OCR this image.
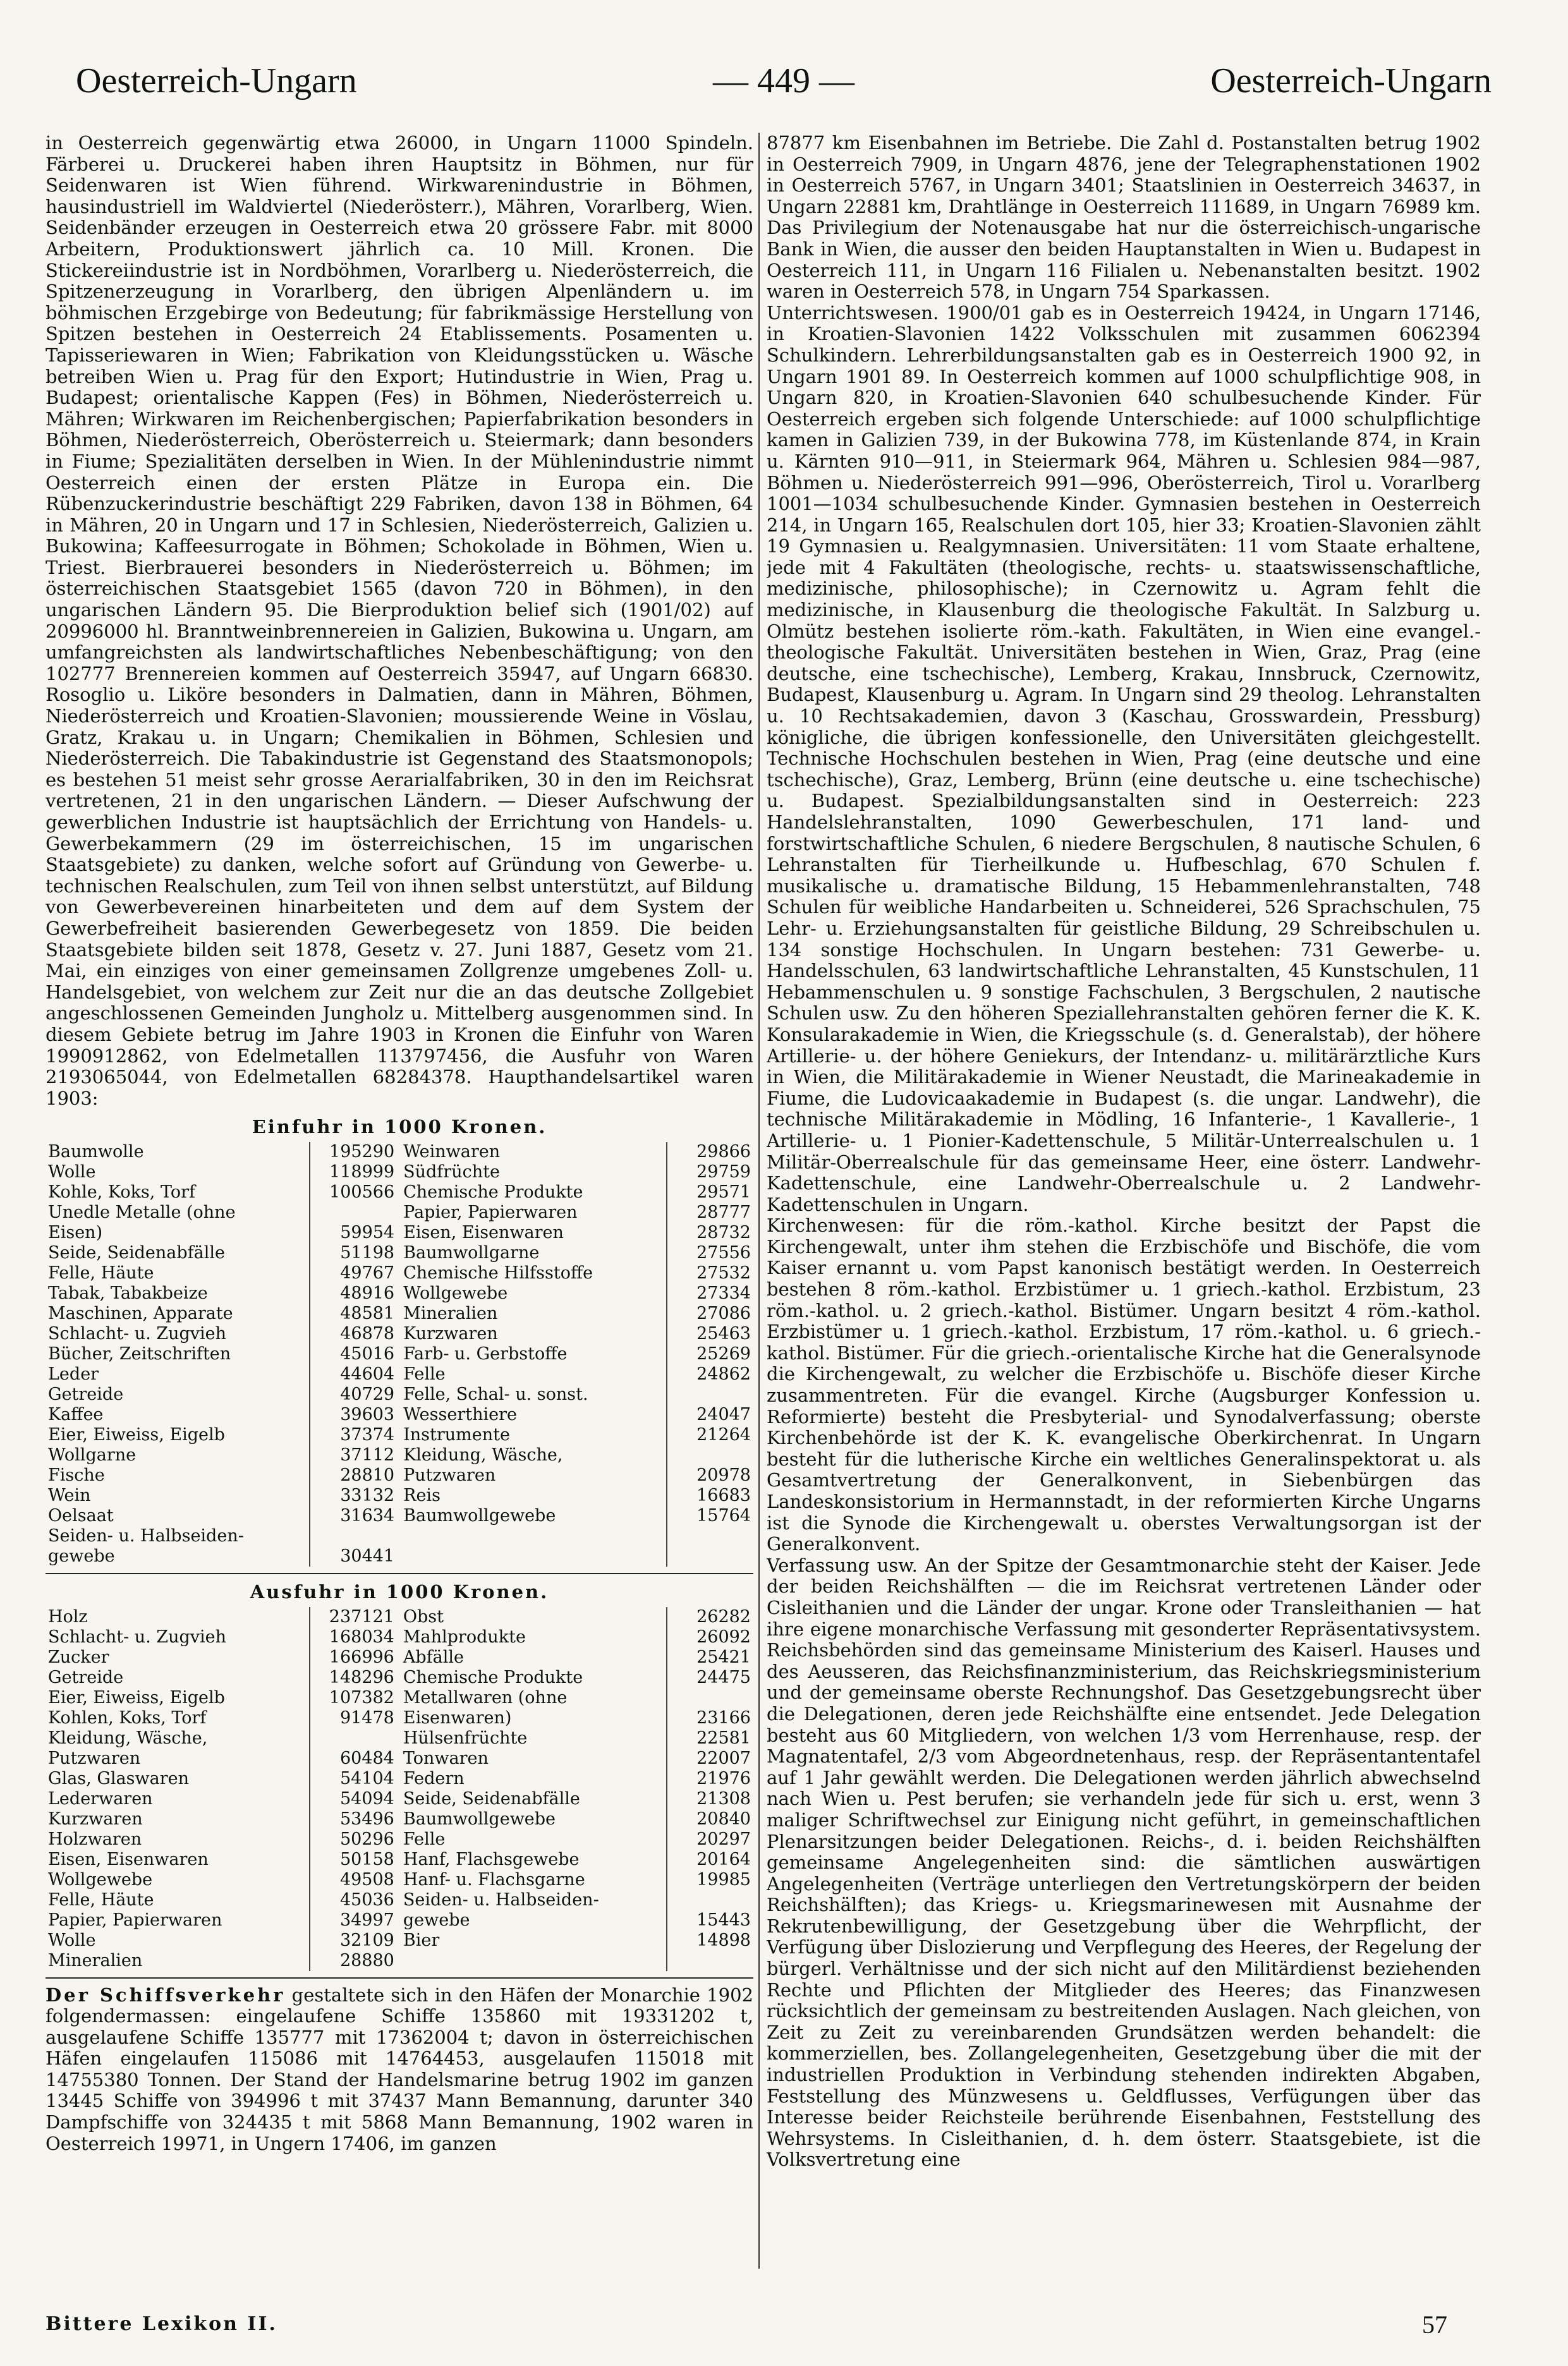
Oesterreich-Ungarn	— 449 —	Oesterreich-Ungarn

in Oesterreich gegenwärtig etwa 26000, in Ungarn 11000 Spindeln. Färberei u. Druckerei haben ihren Hauptsitz in Böhmen, nur für Seidenwaren ist Wien führend. Wirkwarenindustrie in Böhmen, hausindustriell im Waldviertel (Niederösterr.), Mähren, Vorarlberg, Wien. Seidenbänder erzeugen in Oesterreich etwa 20 grössere Fabr. mit 8000 Arbeitern, Produktionswert jährlich ca. 10 Mill. Kronen. Die Stickereiindustrie ist in Nordböhmen, Vorarlberg u. Niederösterreich, die Spitzenerzeugung in Vorarlberg, den übrigen Alpenländern u. im böhmischen Erzgebirge von Bedeutung; für fabrikmässige Herstellung von Spitzen bestehen in Oesterreich 24 Etablissements. Posamenten u. Tapisseriewaren in Wien; Fabrikation von Kleidungsstücken u. Wäsche betreiben Wien u. Prag für den Export; Hutindustrie in Wien, Prag u. Budapest; orientalische Kappen (Fes) in Böhmen, Niederösterreich u. Mähren; Wirkwaren im Reichenbergischen; Papierfabrikation besonders in Böhmen, Niederösterreich, Oberösterreich u. Steiermark; dann besonders in Fiume; Spezialitäten derselben in Wien. In der Mühlenindustrie nimmt Oesterreich einen der ersten Plätze in Europa ein. Die Rübenzuckerindustrie beschäftigt 229 Fabriken, davon 138 in Böhmen, 64 in Mähren, 20 in Ungarn und 17 in Schlesien, Niederösterreich, Galizien u. Bukowina; Kaffeesurrogate in Böhmen; Schokolade in Böhmen, Wien u. Triest. Bierbrauerei besonders in Niederösterreich u. Böhmen; im österreichischen Staatsgebiet 1565 (davon 720 in Böhmen), in den ungarischen Ländern 95. Die Bierproduktion belief sich (1901/02) auf 20996000 hl. Branntweinbrennereien in Galizien, Bukowina u. Ungarn, am umfangreichsten als landwirtschaftliches Nebenbeschäftigung; von den 102777 Brennereien kommen auf Oesterreich 35947, auf Ungarn 66830. Rosoglio u. Liköre besonders in Dalmatien, dann in Mähren, Böhmen, Niederösterreich und Kroatien-Slavonien; moussierende Weine in Vöslau, Gratz, Krakau u. in Ungarn; Chemikalien in Böhmen, Schlesien und Niederösterreich. Die Tabakindustrie ist Gegenstand des Staatsmonopols; es bestehen 51 meist sehr grosse Aerarialfabriken, 30 in den im Reichsrat vertretenen, 21 in den ungarischen Ländern. — Dieser Aufschwung der gewerblichen Industrie ist hauptsächlich der Errichtung von Handels- u. Gewerbekammern (29 im österreichischen, 15 im ungarischen Staatsgebiete) zu danken, welche sofort auf Gründung von Gewerbe- u. technischen Realschulen, zum Teil von ihnen selbst unterstützt, auf Bildung von Gewerbevereinen hinarbeiteten und dem auf dem System der Gewerbefreiheit basierenden Gewerbegesetz von 1859. Die beiden Staatsgebiete bilden seit 1878, Gesetz v. 27. Juni 1887, Gesetz vom 21. Mai, ein einziges von einer gemeinsamen Zollgrenze umgebenes Zoll- u. Handelsgebiet, von welchem zur Zeit nur die an das deutsche Zollgebiet angeschlossenen Gemeinden Jungholz u. Mittelberg ausgenommen sind. In diesem Gebiete betrug im Jahre 1903 in Kronen die Einfuhr von Waren 1990912862, von Edelmetallen 113797456, die Ausfuhr von Waren 2193065044, von Edelmetallen 68284378. Haupthandelsartikel waren 1903:

Einfuhr in 1000 Kronen.
Baumwolle	195290	Weinwaren	29866
Wolle	118999	Südfrüchte	29759
Kohle, Koks, Torf	100566	Chemische Produkte	29571
Unedle Metalle (ohne		Papier, Papierwaren	28777
Eisen)	59954	Eisen, Eisenwaren	28732
Seide, Seidenabfälle	51198	Baumwollgarne	27556
Felle, Häute	49767	Chemische Hilfsstoffe	27532
Tabak, Tabakbeize	48916	Wollgewebe	27334
Maschinen, Apparate	48581	Mineralien	27086
Schlacht- u. Zugvieh	46878	Kurzwaren	25463
Bücher, Zeitschriften	45016	Farb- u. Gerbstoffe	25269
Leder	44604	Felle	24862
Getreide	40729	Felle, Schal- u. sonst.	
Kaffee	39603	Wesserthiere	24047
Eier, Eiweiss, Eigelb	37374	Instrumente	21264
Wollgarne	37112	Kleidung, Wäsche,	
Fische	28810	Putzwaren	20978
Wein	33132	Reis	16683
Oelsaat	31634	Baumwollgewebe	15764
Seiden- u. Halbseiden-			
gewebe	30441		
Ausfuhr in 1000 Kronen.
Holz	237121	Obst	26282
Schlacht- u. Zugvieh	168034	Mahlprodukte	26092
Zucker	166996	Abfälle	25421
Getreide	148296	Chemische Produkte	24475
Eier, Eiweiss, Eigelb	107382	Metallwaren (ohne	
Kohlen, Koks, Torf	91478	Eisenwaren)	23166
Kleidung, Wäsche,		Hülsenfrüchte	22581
Putzwaren	60484	Tonwaren	22007
Glas, Glaswaren	54104	Federn	21976
Lederwaren	54094	Seide, Seidenabfälle	21308
Kurzwaren	53496	Baumwollgewebe	20840
Holzwaren	50296	Felle	20297
Eisen, Eisenwaren	50158	Hanf, Flachsgewebe	20164
Wollgewebe	49508	Hanf- u. Flachsgarne	19985
Felle, Häute	45036	Seiden- u. Halbseiden-	
Papier, Papierwaren	34997	gewebe	15443
Wolle	32109	Bier	14898
Mineralien	28880		

Der Schiffsverkehr gestaltete sich in den Häfen der Monarchie 1902 folgendermassen: eingelaufene Schiffe 135860 mit 19331202 t, ausgelaufene Schiffe 135777 mit 17362004 t; davon in österreichischen Häfen eingelaufen 115086 mit 14764453, ausgelaufen 115018 mit 14755380 Tonnen. Der Stand der Handelsmarine betrug 1902 im ganzen 13445 Schiffe von 394996 t mit 37437 Mann Bemannung, darunter 340 Dampfschiffe von 324435 t mit 5868 Mann Bemannung, 1902 waren in Oesterreich 19971, in Ungern 17406, im ganzen

87877 km Eisenbahnen im Betriebe. Die Zahl d. Postanstalten betrug 1902 in Oesterreich 7909, in Ungarn 4876, jene der Telegraphenstationen 1902 in Oesterreich 5767, in Ungarn 3401; Staatslinien in Oesterreich 34637, in Ungarn 22881 km, Drahtlänge in Oesterreich 111689, in Ungarn 76989 km. Das Privilegium der Notenausgabe hat nur die österreichisch-ungarische Bank in Wien, die ausser den beiden Hauptanstalten in Wien u. Budapest in Oesterreich 111, in Ungarn 116 Filialen u. Nebenanstalten besitzt. 1902 waren in Oesterreich 578, in Ungarn 754 Sparkassen.

Unterrichtswesen. 1900/01 gab es in Oesterreich 19424, in Ungarn 17146, in Kroatien-Slavonien 1422 Volksschulen mit zusammen 6062394 Schulkindern. Lehrerbildungsanstalten gab es in Oesterreich 1900 92, in Ungarn 1901 89. In Oesterreich kommen auf 1000 schulpflichtige 908, in Ungarn 820, in Kroatien-Slavonien 640 schulbesuchende Kinder. Für Oesterreich ergeben sich folgende Unterschiede: auf 1000 schulpflichtige kamen in Galizien 739, in der Bukowina 778, im Küstenlande 874, in Krain u. Kärnten 910—911, in Steiermark 964, Mähren u. Schlesien 984—987, Böhmen u. Niederösterreich 991—996, Oberösterreich, Tirol u. Vorarlberg 1001—1034 schulbesuchende Kinder. Gymnasien bestehen in Oesterreich 214, in Ungarn 165, Realschulen dort 105, hier 33; Kroatien-Slavonien zählt 19 Gymnasien u. Realgymnasien. Universitäten: 11 vom Staate erhaltene, jede mit 4 Fakultäten (theologische, rechts- u. staatswissenschaftliche, medizinische, philosophische); in Czernowitz u. Agram fehlt die medizinische, in Klausenburg die theologische Fakultät. In Salzburg u. Olmütz bestehen isolierte röm.-kath. Fakultäten, in Wien eine evangel.-theologische Fakultät. Universitäten bestehen in Wien, Graz, Prag (eine deutsche, eine tschechische), Lemberg, Krakau, Innsbruck, Czernowitz, Budapest, Klausenburg u. Agram. In Ungarn sind 29 theolog. Lehranstalten u. 10 Rechtsakademien, davon 3 (Kaschau, Grosswardein, Pressburg) königliche, die übrigen konfessionelle, den Universitäten gleichgestellt. Technische Hochschulen bestehen in Wien, Prag (eine deutsche und eine tschechische), Graz, Lemberg, Brünn (eine deutsche u. eine tschechische) u. Budapest. Spezialbildungsanstalten sind in Oesterreich: 223 Handelslehranstalten, 1090 Gewerbeschulen, 171 land- und forstwirtschaftliche Schulen, 6 niedere Bergschulen, 8 nautische Schulen, 6 Lehranstalten für Tierheilkunde u. Hufbeschlag, 670 Schulen f. musikalische u. dramatische Bildung, 15 Hebammenlehranstalten, 748 Schulen für weibliche Handarbeiten u. Schneiderei, 526 Sprachschulen, 75 Lehr- u. Erziehungsanstalten für geistliche Bildung, 29 Schreibschulen u. 134 sonstige Hochschulen. In Ungarn bestehen: 731 Gewerbe- u. Handelsschulen, 63 landwirtschaftliche Lehranstalten, 45 Kunstschulen, 11 Hebammenschulen u. 9 sonstige Fachschulen, 3 Bergschulen, 2 nautische Schulen usw. Zu den höheren Speziallehranstalten gehören ferner die K. K. Konsularakademie in Wien, die Kriegsschule (s. d. Generalstab), der höhere Artillerie- u. der höhere Geniekurs, der Intendanz- u. militärärztliche Kurs in Wien, die Militärakademie in Wiener Neustadt, die Marineakademie in Fiume, die Ludovicaakademie in Budapest (s. die ungar. Landwehr), die technische Militärakademie in Mödling, 16 Infanterie-, 1 Kavallerie-, 1 Artillerie- u. 1 Pionier-Kadettenschule, 5 Militär-Unterrealschulen u. 1 Militär-Oberrealschule für das gemeinsame Heer, eine österr. Landwehr-Kadettenschule, eine Landwehr-Oberrealschule u. 2 Landwehr-Kadettenschulen in Ungarn.

Kirchenwesen: für die röm.-kathol. Kirche besitzt der Papst die Kirchengewalt, unter ihm stehen die Erzbischöfe und Bischöfe, die vom Kaiser ernannt u. vom Papst kanonisch bestätigt werden. In Oesterreich bestehen 8 röm.-kathol. Erzbistümer u. 1 griech.-kathol. Erzbistum, 23 röm.-kathol. u. 2 griech.-kathol. Bistümer. Ungarn besitzt 4 röm.-kathol. Erzbistümer u. 1 griech.-kathol. Erzbistum, 17 röm.-kathol. u. 6 griech.-kathol. Bistümer. Für die griech.-orientalische Kirche hat die Generalsynode die Kirchengewalt, zu welcher die Erzbischöfe u. Bischöfe dieser Kirche zusammentreten. Für die evangel. Kirche (Augsburger Konfession u. Reformierte) besteht die Presbyterial- und Synodalverfassung; oberste Kirchenbehörde ist der K. K. evangelische Oberkirchenrat. In Ungarn besteht für die lutherische Kirche ein weltliches Generalinspektorat u. als Gesamtvertretung der Generalkonvent, in Siebenbürgen das Landeskonsistorium in Hermannstadt, in der reformierten Kirche Ungarns ist die Synode die Kirchengewalt u. oberstes Verwaltungsorgan ist der Generalkonvent.

Verfassung usw. An der Spitze der Gesamtmonarchie steht der Kaiser. Jede der beiden Reichshälften — die im Reichsrat vertretenen Länder oder Cisleithanien und die Länder der ungar. Krone oder Transleithanien — hat ihre eigene monarchische Verfassung mit gesonderter Repräsentativsystem. Reichsbehörden sind das gemeinsame Ministerium des Kaiserl. Hauses und des Aeusseren, das Reichsfinanzministerium, das Reichskriegsministerium und der gemeinsame oberste Rechnungshof. Das Gesetzgebungsrecht über die Delegationen, deren jede Reichshälfte eine entsendet. Jede Delegation besteht aus 60 Mitgliedern, von welchen 1/3 vom Herrenhause, resp. der Magnatentafel, 2/3 vom Abgeordnetenhaus, resp. der Repräsentantentafel auf 1 Jahr gewählt werden. Die Delegationen werden jährlich abwechselnd nach Wien u. Pest berufen; sie verhandeln jede für sich u. erst, wenn 3 maliger Schriftwechsel zur Einigung nicht geführt, in gemeinschaftlichen Plenarsitzungen beider Delegationen. Reichs-, d. i. beiden Reichshälften gemeinsame Angelegenheiten sind: die sämtlichen auswärtigen Angelegenheiten (Verträge unterliegen den Vertretungskörpern der beiden Reichshälften); das Kriegs- u. Kriegsmarinewesen mit Ausnahme der Rekrutenbewilligung, der Gesetzgebung über die Wehrpflicht, der Verfügung über Dislozierung und Verpflegung des Heeres, der Regelung der bürgerl. Verhältnisse und der sich nicht auf den Militärdienst beziehenden Rechte und Pflichten der Mitglieder des Heeres; das Finanzwesen rücksichtlich der gemeinsam zu bestreitenden Auslagen. Nach gleichen, von Zeit zu Zeit zu vereinbarenden Grundsätzen werden behandelt: die kommerziellen, bes. Zollangelegenheiten, Gesetzgebung über die mit der industriellen Produktion in Verbindung stehenden indirekten Abgaben, Feststellung des Münzwesens u. Geldflusses, Verfügungen über das Interesse beider Reichsteile berührende Eisenbahnen, Feststellung des Wehrsystems. In Cisleithanien, d. h. dem österr. Staatsgebiete, ist die Volksvertretung eine

Bittere Lexikon II.	57
